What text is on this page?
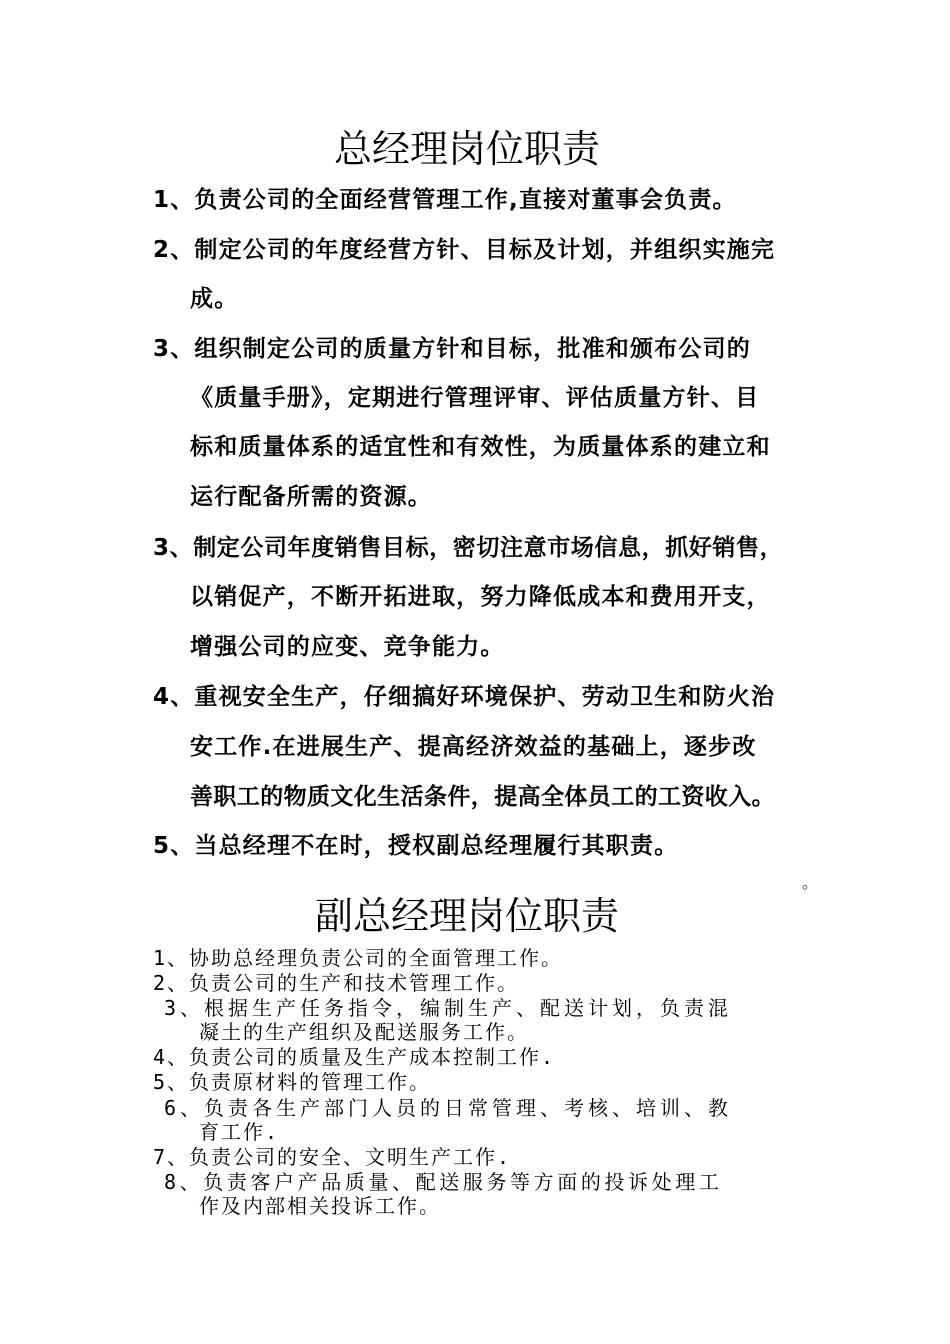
总经理岗位职责
1、负责公司的全面经营管理工作,直接对董事会负责。
2、制定公司的年度经营方针、目标及计划，并组织实施完
成。
3、组织制定公司的质量方针和目标，批准和颁布公司的
《质量手册》，定期进行管理评审、评估质量方针、目
标和质量体系的适宜性和有效性，为质量体系的建立和
运行配备所需的资源。
3、制定公司年度销售目标，密切注意市场信息，抓好销售，
以销促产，不断开拓进取，努力降低成本和费用开支，
增强公司的应变、竞争能力。
4、重视安全生产，仔细搞好环境保护、劳动卫生和防火治
安工作.在进展生产、提高经济效益的基础上，逐步改
善职工的物质文化生活条件，提高全体员工的工资收入。
5、当总经理不在时，授权副总经理履行其职责。
。
副总经理岗位职责
1、协助总经理负责公司的全面管理工作。
2、负责公司的生产和技术管理工作。
3、根据生产任务指令，编制生产、配送计划，负责混
凝土的生产组织及配送服务工作。
4、负责公司的质量及生产成本控制工作.
5、负责原材料的管理工作。
6、负责各生产部门人员的日常管理、考核、培训、教
育工作.
7、负责公司的安全、文明生产工作.
8、负责客户产品质量、配送服务等方面的投诉处理工
作及内部相关投诉工作。
